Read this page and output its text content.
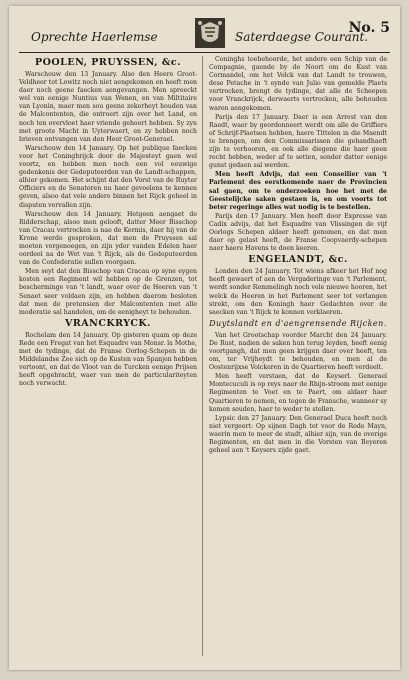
Oprechte Haerlemse	Saterdaegse Courant.
No. 5
POOLEN, PRUYSSEN, &c.

Warschouw den 13 January. Also den Heere Groot-Veldheer tot Lowitz noch niet aengekomen en heeft men daer noch geene faecken aengevangen. Men spreeckt wel van eenige Nuntius van Wenen, en van Miltitaire van Lyonin, maer men sou geene zekerheyt houden van de Malcontenten, die ontroert zijn over het Land, en noch ten overvloet haer vriende gehoort hebben. Sy zyn met groote Macht in Uyterwaert, en zy hebben noch brieven ontvangen van den Heer Groot-Generael.

Warschouw den 14 January. Op het publique faecken voor het Coninghrijck door de Majesteyt gaen wel voortz, en hebben men noch een vol eeuwige gedenkenis der Gedeputeerden van de Landt-schappen, alhier gekomen. Het schijnt dat den Vorst van de Ruyter Officiers en de Senatoren nu haer gevoelens te kennen geven, alsoo dat vele andere binnen het Rijck geheel in disputen vervallen zijn.

Warschouw den 14 January. Hetgeen aengaet de Ridderschap, alsoo men gelooft, datter Meer Bisschop van Cracau vertrocken is nae de Kermis, daer hij van de Krone werde gesproken, dat men de Pruyssen sal moeten vergenoegen, en zijn yder vanden Edelen haer oordeel na de Wet van 't Rijck, als de Gedeputeerden van de Confederatie sullen voorgaen.

Men seyt dat den Bisschop van Cracau op syne eygen kosten een Regiment wil hebben op de Grenzen, tot bescherminge van 't landt, waer over de Heeren van 't Senaet seer voldaen zijn, en hebben daerom besloten dat men de pretensien der Malcontenten met alle moderatie sal handelen, om de eenigheyt te behouden.

VRANCKRYCK.

Rochelam den 14 January. Op gisteren quam op deze Rede een Fregat van het Esquadre van Monsr. la Mothe, met de tydinge, dat de Franse Oorlog-Schepen in de Middelandse Zee sich op de Kusten van Spanjen hebben vertoont, en dat de Vloot van de Turcken eenige Prijsen heeft opgebracht, waer van men de particulariteyten noch verwacht.

Coninghs toebehoorde, het andere een Schip van de Compagnie, gaende by de Noort om de Kust van Cormandel, om het Volck van dat Landt te trouwen, dese Petache in 't eynde van Julio van gemelde Plaets vertrocken, brengt de tydinge, dat alle de Scheepen voor Vranckrijck, derwaerts vertrocken, alle behouden waren aengekomen.

Parijs den 17 January. Daer is een Arrest van den Raedt, waer by geordonneert werdt om alle de Griffiers of Schrijf-Plaetsen hebben, haere Tittelen in die Maendt te brengen, om den Commissarissen die gehandhaeft zijn te verhooren, en ook alle diegene die haer geen recht hebben, weder af te setten, sonder datter eenige gunst gedaen sal werden.

Men heeft Advijs, dat een Conseilier van 't Parlement des eerstkomende naer de Provincien sal gaen, om te onderzoeken hoe het met de Geestelijcke saken gestaen is, en om voorts tot beter regeringe alles wat nodig is te bestellen.

Parijs den 17 January. Men heeft door Expresse van Cadix advijs, dat het Esquadre van Vlissingen de vijf Oorlogs Schepen aldaer heeft genomen, en dat men daer op gelast heeft, de Franse Coopvaerdy-schepen naer haere Havens te doen keeren.

ENGELANDT, &c.

Londen den 24 January. Tot wiens afkeer het Hof nog heeft gewaert of aen de Vergaderinge van 't Parlement, werdt sonder Remmelingh noch vele nieuwe hooren, het welck de Heeren in het Parlement seer tot verlangen strekt, om den Koningh haer Gedachten over de saecken van 't Rijck te konnen verklaeren.

Duytslandt en d'aengrensende Rijcken.

Van het Grootschap voorder Marcht den 24 January. De Rust, nadien de saken hun terug leyden, heeft eenig voortgangh, dat men geen krijgen daer over heeft, ten om, ter Vrijheydt te behouden, en men al de Oostenrijxse Volckeren in de Quartieren heeft verdeelt.

Men heeft verstaen, dat de Keyserl. Generael Montecuculi is op reys naer de Rhijn-stroom met eenige Regimenten te Voet en te Paert, om aldaer haer Quartieren te nemen, en tegen de Fransche, wanneer sy komen souden, haer te weder te stellen.

Lypsic den 27 January. Den Generael Duca heeft noch niet vergeert: Op sijnen Dagh tot voor de Rode Mayn, waerin men te meer de stadt, alhier sijn, van de overige Regimenten, en dat men in die Vorsten van Beyeren geheel aen 't Keysers zijde gaet.
